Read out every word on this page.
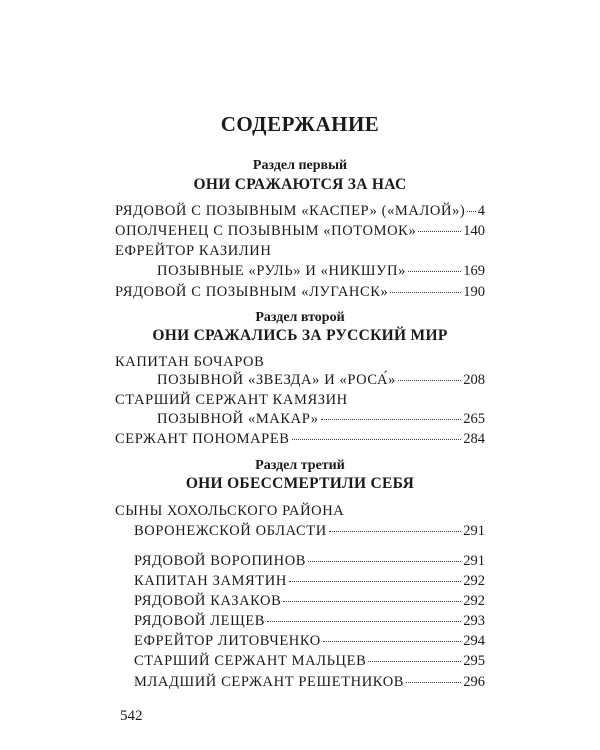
СОДЕРЖАНИЕ
Раздел первый
ОНИ СРАЖАЮТСЯ ЗА НАС
РЯДОВОЙ С ПОЗЫВНЫМ «КАСПЕР» («МАЛОЙ») 4
ОПОЛЧЕНЕЦ С ПОЗЫВНЫМ «ПОТОМОК»	140
ЕФРЕЙТОР КАЗИЛИН
ПОЗЫВНЫЕ «РУЛЬ» И «НИКШУП»	169
РЯДОВОЙ С ПОЗЫВНЫМ «ЛУГАНСК»	190
Раздел второй
ОНИ СРАЖАЛИСЬ ЗА РУССКИЙ МИР
КАПИТАН БОЧАРОВ
ПОЗЫВНОЙ «ЗВЕЗДА» И «РОСА́»	208
СТАРШИЙ СЕРЖАНТ КАМЯЗИН
ПОЗЫВНОЙ «МАКАР»	265
СЕРЖАНТ ПОНОМАРЕВ	284
Раздел третий
ОНИ ОБЕССМЕРТИЛИ СЕБЯ
СЫНЫ ХОХОЛЬСКОГО РАЙОНА
ВОРОНЕЖСКОЙ ОБЛАСТИ	291
РЯДОВОЙ ВОРОПИНОВ	291
КАПИТАН ЗАМЯТИН	292
РЯДОВОЙ КАЗАКОВ	292
РЯДОВОЙ ЛЕЩЕВ	293
ЕФРЕЙТОР ЛИТОВЧЕНКО	294
СТАРШИЙ СЕРЖАНТ МАЛЬЦЕВ	295
МЛАДШИЙ СЕРЖАНТ РЕШЕТНИКОВ	296
542
